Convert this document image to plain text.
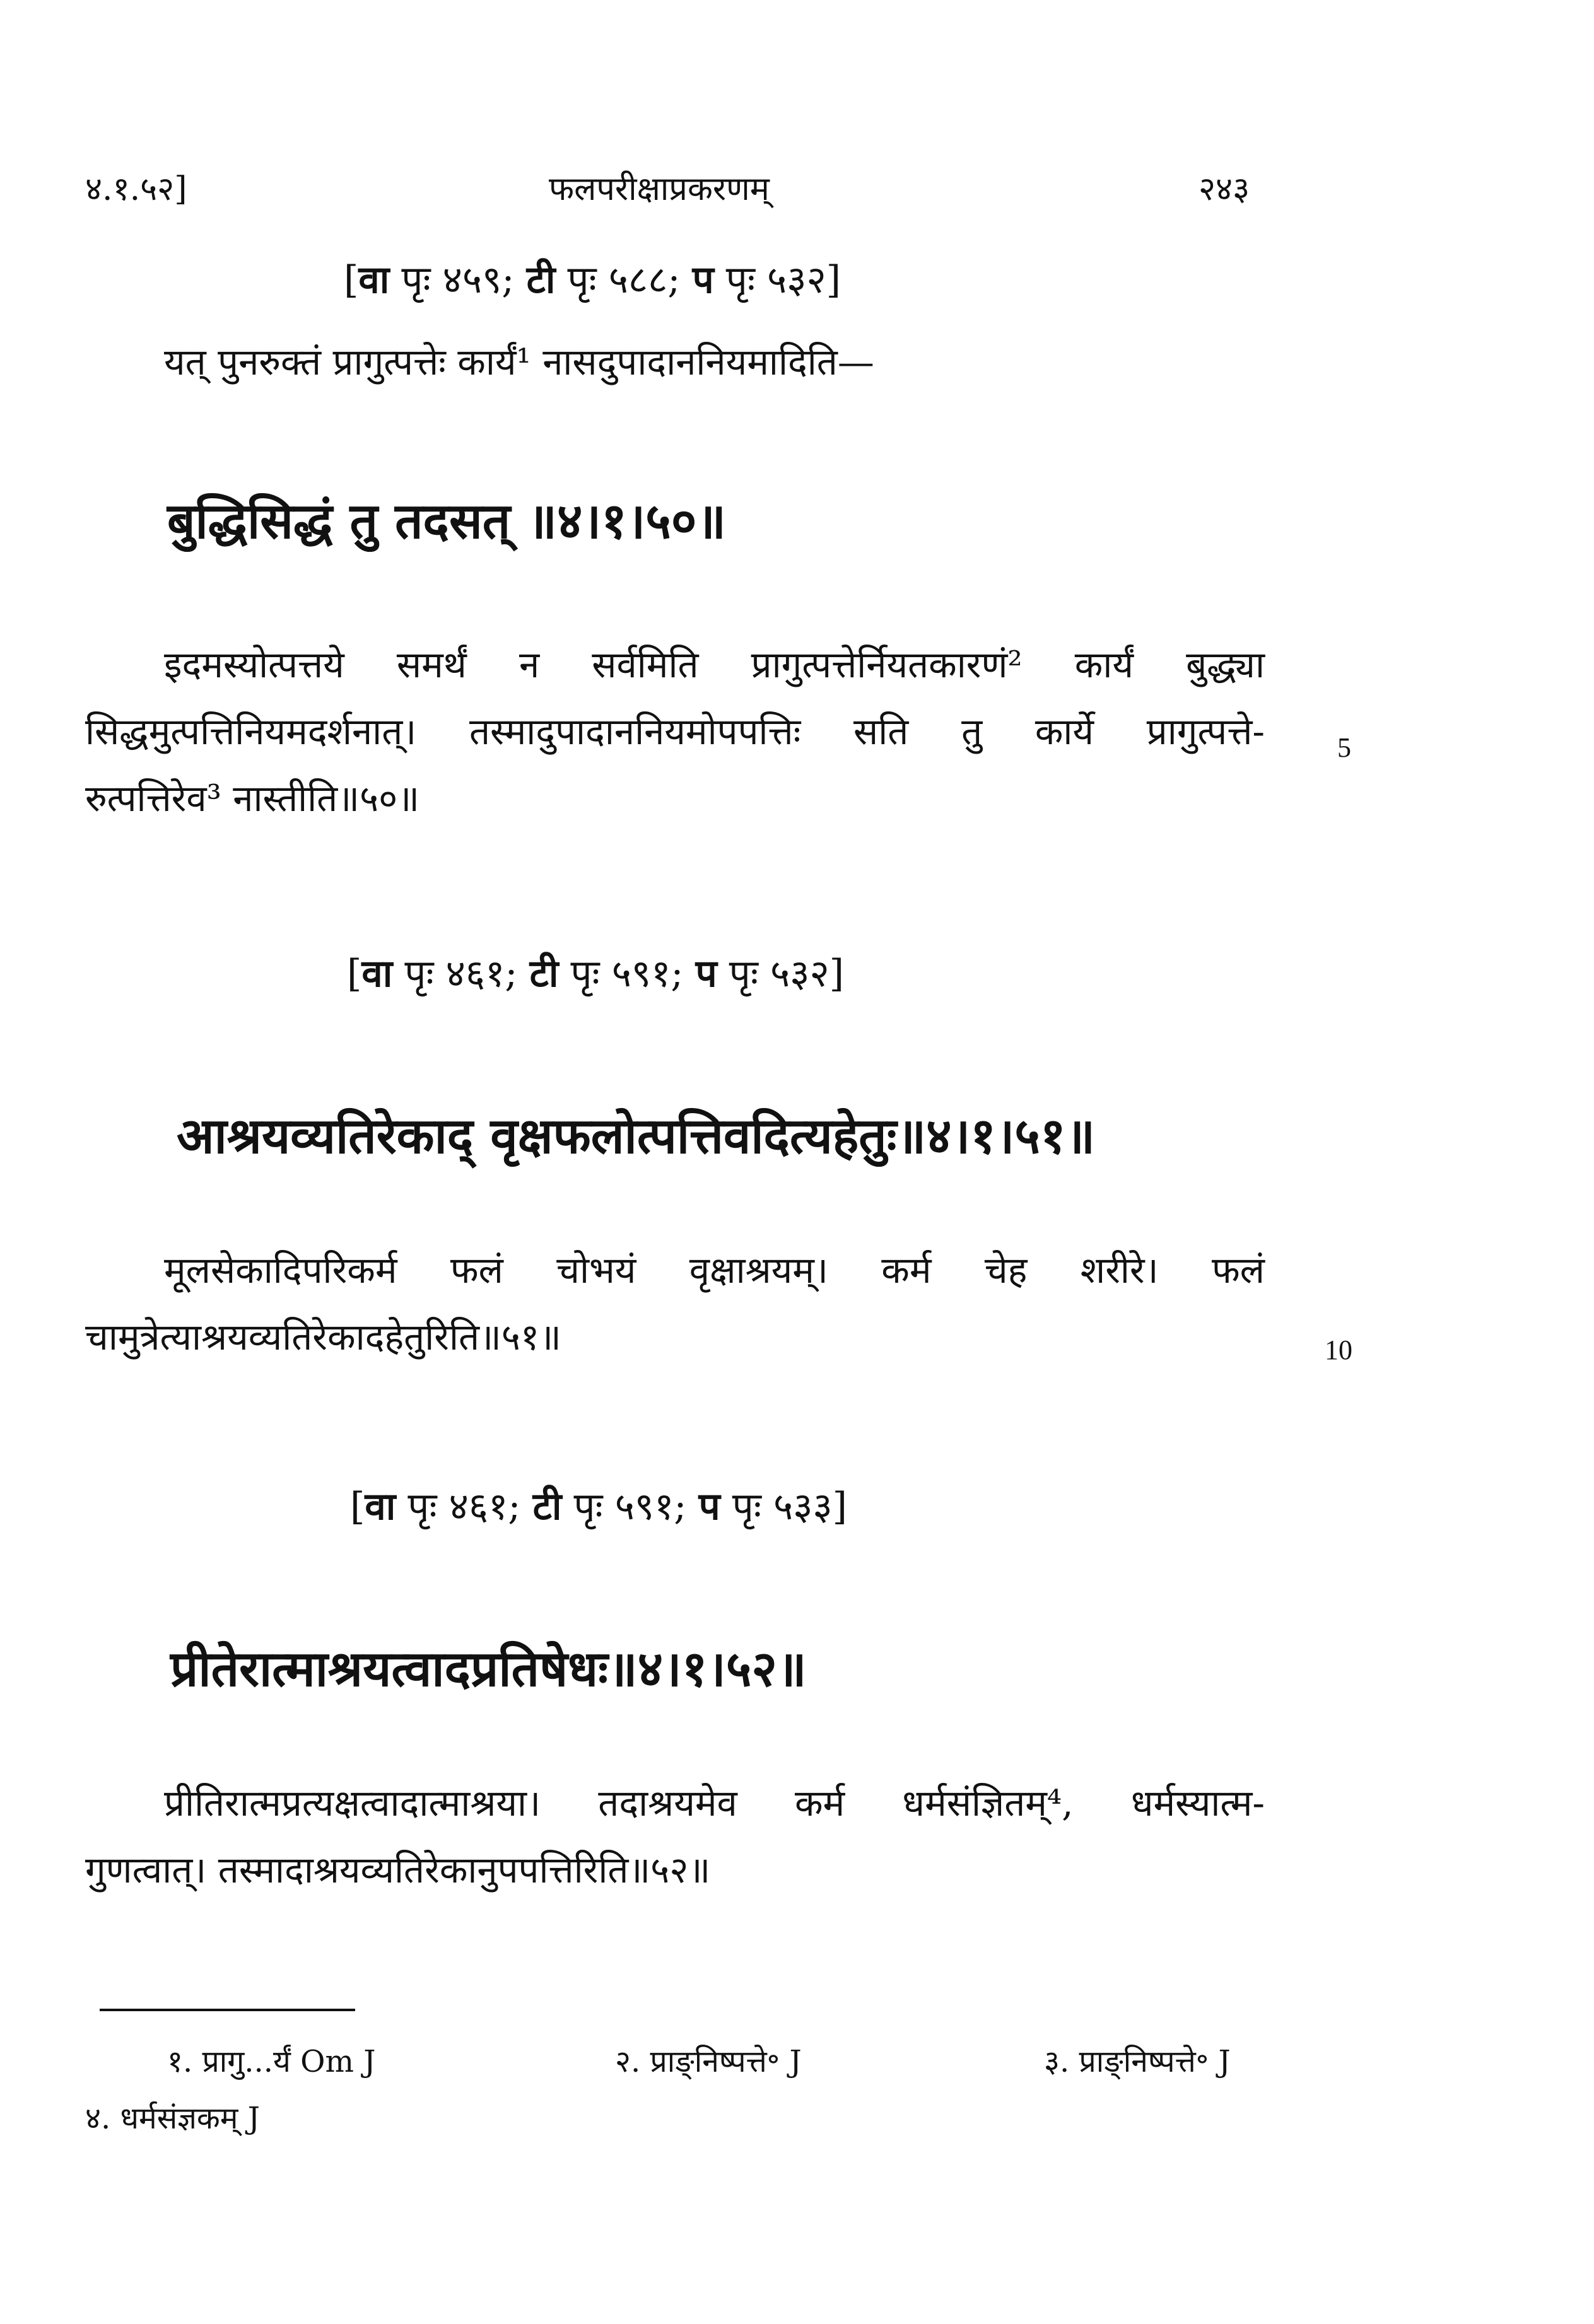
४.१.५२]	फलपरीक्षाप्रकरणम्	२४३
[वा पृः ४५९; टी पृः ५८८; प पृः ५३२]
यत् पुनरुक्तं प्रागुत्पत्तेः कार्यं¹ नासदुपादाननियमादिति—
बुद्धिसिद्धं तु तदसत् ॥४।१।५०॥
इदमस्योत्पत्तये समर्थं न सर्वमिति प्रागुत्पत्तेर्नियतकारणं² कार्यं बुद्ध्या
सिद्धमुत्पत्तिनियमदर्शनात्। तस्मादुपादाननियमोपपत्तिः सति तु कार्ये प्रागुत्पत्ते-
रुत्पत्तिरेव³ नास्तीति॥५०॥
5
[वा पृः ४६१; टी पृः ५९१; प पृः ५३२]
आश्रयव्यतिरेकाद् वृक्षफलोत्पत्तिवदित्यहेतुः॥४।१।५१॥
मूलसेकादिपरिकर्म फलं चोभयं वृक्षाश्रयम्। कर्म चेह शरीरे। फलं
चामुत्रेत्याश्रयव्यतिरेकादहेतुरिति॥५१॥	10
[वा पृः ४६१; टी पृः ५९१; प पृः ५३३]
प्रीतेरात्माश्रयत्वादप्रतिषेधः॥४।१।५२॥
प्रीतिरात्मप्रत्यक्षत्वादात्माश्रया। तदाश्रयमेव कर्म धर्मसंज्ञितम्⁴, धर्मस्यात्म-
गुणत्वात्। तस्मादाश्रयव्यतिरेकानुपपत्तिरिति॥५२॥
१. प्रागु...र्यं Om J	२. प्राङ्निष्पत्ते॰ J	३. प्राङ्निष्पत्ते॰ J
४. धर्मसंज्ञकम् J
